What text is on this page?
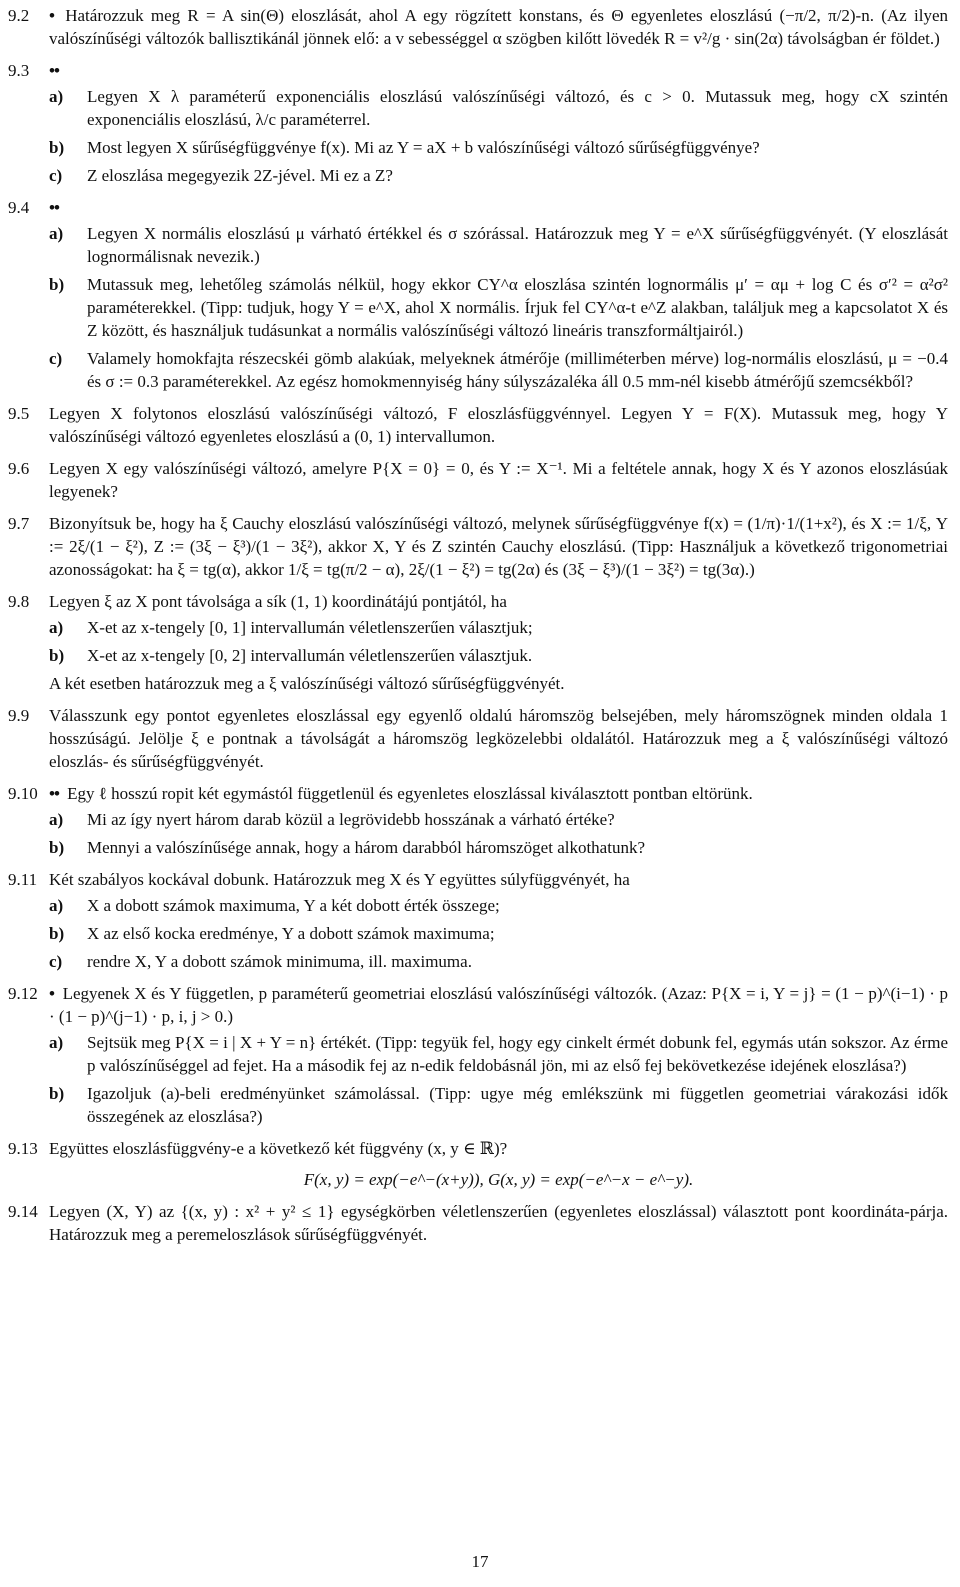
9.2 • Határozzuk meg R = A sin(Θ) eloszlását, ahol A egy rögzített konstans, és Θ egyenletes eloszlású (−π/2, π/2)-n. (Az ilyen valószínűségi változók ballisztikánál jönnek elő: a v sebességgel α szögben kilőtt lövedék R = v²/g · sin(2α) távolságban ér földet.)
9.3 ••
a) Legyen X λ paraméterű exponenciális eloszlású valószínűségi változó, és c > 0. Mutassuk meg, hogy cX szintén exponenciális eloszlású, λ/c paraméterrel.
b) Most legyen X sűrűségfüggvénye f(x). Mi az Y = aX + b valószínűségi változó sűrűségfüggvénye?
c) Z eloszlása megegyezik 2Z-jével. Mi ez a Z?
9.4 ••
a) Legyen X normális eloszlású μ várható értékkel és σ szórással. Határozzuk meg Y = e^X sűrűségfüggvényét. (Y eloszlását lognormálisnak nevezik.)
b) Mutassuk meg, lehetőleg számolás nélkül, hogy ekkor CY^α eloszlása szintén lognormális μ′ = αμ + log C és σ′² = α²σ² paraméterekkel. (Tipp: tudjuk, hogy Y = e^X, ahol X normális. Írjuk fel CY^α-t e^Z alakban, találjuk meg a kapcsolatot X és Z között, és használjuk tudásunkat a normális valószínűségi változó lineáris transzformáltjairól.)
c) Valamely homokfajta részecskéi gömb alakúak, melyeknek átmérője (milliméterben mérve) log-normális eloszlású, μ = −0.4 és σ := 0.3 paraméterekkel. Az egész homokmennyiség hány súlyszázaléka áll 0.5 mm-nél kisebb átmérőjű szemcsékből?
9.5 Legyen X folytonos eloszlású valószínűségi változó, F eloszlásfüggvénnyel. Legyen Y = F(X). Mutassuk meg, hogy Y valószínűségi változó egyenletes eloszlású a (0, 1) intervallumon.
9.6 Legyen X egy valószínűségi változó, amelyre P{X = 0} = 0, és Y := X⁻¹. Mi a feltétele annak, hogy X és Y azonos eloszlásúak legyenek?
9.7 Bizonyítsuk be, hogy ha ξ Cauchy eloszlású valószínűségi változó, melynek sűrűségfüggvénye f(x) = (1/π)·1/(1+x²), és X := 1/ξ, Y := 2ξ/(1 − ξ²), Z := (3ξ − ξ³)/(1 − 3ξ²), akkor X, Y és Z szintén Cauchy eloszlású. (Tipp: Használjuk a következő trigonometriai azonosságokat: ha ξ = tg(α), akkor 1/ξ = tg(π/2 − α), 2ξ/(1 − ξ²) = tg(2α) és (3ξ − ξ³)/(1 − 3ξ²) = tg(3α).)
9.8 Legyen ξ az X pont távolsága a sík (1, 1) koordinátájú pontjától, ha
a) X-et az x-tengely [0, 1] intervallumán véletlenszerűen választjuk;
b) X-et az x-tengely [0, 2] intervallumán véletlenszerűen választjuk.
A két esetben határozzuk meg a ξ valószínűségi változó sűrűségfüggvényét.
9.9 Válasszunk egy pontot egyenletes eloszlással egy egyenlő oldalú háromszög belsejében, mely háromszögnek minden oldala 1 hosszúságú. Jelölje ξ e pontnak a távolságát a háromszög legközelebbi oldalától. Határozzuk meg a ξ valószínűségi változó eloszlás- és sűrűségfüggvényét.
9.10 •• Egy ℓ hosszú ropit két egymástól függetlenül és egyenletes eloszlással kiválasztott pontban eltörünk.
a) Mi az így nyert három darab közül a legrövidebb hosszának a várható értéke?
b) Mennyi a valószínűsége annak, hogy a három darabból háromszöget alkothatunk?
9.11 Két szabályos kockával dobunk. Határozzuk meg X és Y együttes súlyfüggvényét, ha
a) X a dobott számok maximuma, Y a két dobott érték összege;
b) X az első kocka eredménye, Y a dobott számok maximuma;
c) rendre X, Y a dobott számok minimuma, ill. maximuma.
9.12 • Legyenek X és Y független, p paraméterű geometriai eloszlású valószínűségi változók. (Azaz: P{X = i, Y = j} = (1 − p)^(i−1) · p · (1 − p)^(j−1) · p, i, j > 0.)
a) Sejtsük meg P{X = i | X + Y = n} értékét. (Tipp: tegyük fel, hogy egy cinkelt érmét dobunk fel, egymás után sokszor. Az érme p valószínűséggel ad fejet. Ha a második fej az n-edik feldobásnál jön, mi az első fej bekövetkezése idejének eloszlása?)
b) Igazoljuk (a)-beli eredményünket számolással. (Tipp: ugye még emlékszünk mi független geometriai várakozási idők összegének az eloszlása?)
9.13 Együttes eloszlásfüggvény-e a következő két függvény (x, y ∈ ℝ)?
F(x, y) = exp(−e^−(x+y)), G(x, y) = exp(−e^−x − e^−y).
9.14 Legyen (X, Y) az {(x, y) : x² + y² ≤ 1} egységkörben véletlenszerűen (egyenletes eloszlással) választott pont koordináta-párja. Határozzuk meg a peremeloszlások sűrűségfüggvényét.
17
